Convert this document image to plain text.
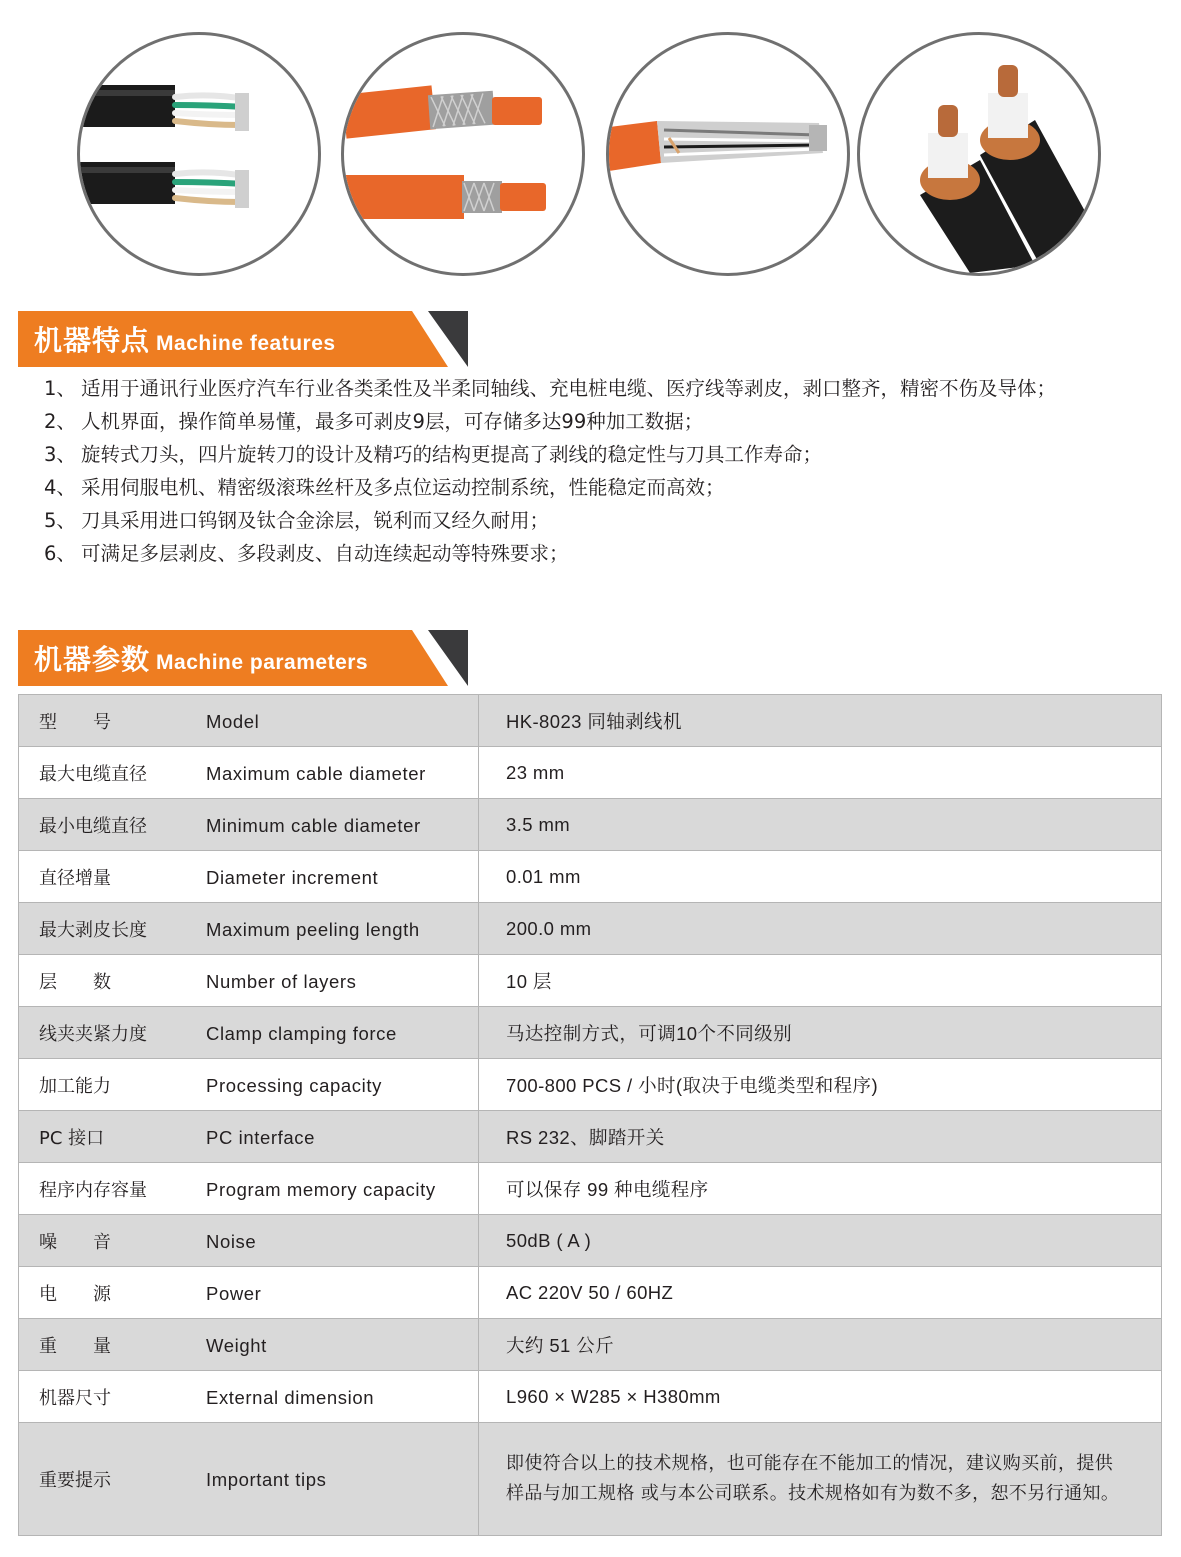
机器特点 Machine features
1、 适用于通讯行业医疗汽车行业各类柔性及半柔同轴线、充电桩电缆、医疗线等剥皮，剥口整齐，精密不伤及导体；
2、 人机界面，操作简单易懂，最多可剥皮9层，可存储多达99种加工数据；
3、 旋转式刀头，四片旋转刀的设计及精巧的结构更提高了剥线的稳定性与刀具工作寿命；
4、 采用伺服电机、精密级滚珠丝杆及多点位运动控制系统，性能稳定而高效；
5、 刀具采用进口钨钢及钛合金涂层，锐利而又经久耐用；
6、 可满足多层剥皮、多段剥皮、自动连续起动等特殊要求；
机器参数 Machine parameters
型　　号 Model	HK-8023 同轴剥线机
最大电缆直径 Maximum cable diameter	23 mm
最小电缆直径 Minimum cable diameter	3.5 mm
直径增量 Diameter increment	0.01 mm
最大剥皮长度 Maximum peeling length	200.0 mm
层　　数 Number of layers	10 层
线夹夹紧力度 Clamp clamping force	马达控制方式，可调10个不同级别
加工能力 Processing capacity	700-800 PCS / 小时(取决于电缆类型和程序)
PC 接口 PC interface	RS 232、脚踏开关
程序内存容量 Program memory capacity	可以保存 99 种电缆程序
噪　　音 Noise	50dB ( A )
电　　源 Power	AC 220V 50 / 60HZ
重　　量 Weight	大约 51 公斤
机器尺寸 External dimension	L960 × W285 × H380mm
重要提示 Important tips	即使符合以上的技术规格，也可能存在不能加工的情况，建议购买前，提供样品与加工规格 或与本公司联系。技术规格如有为数不多，恕不另行通知。
